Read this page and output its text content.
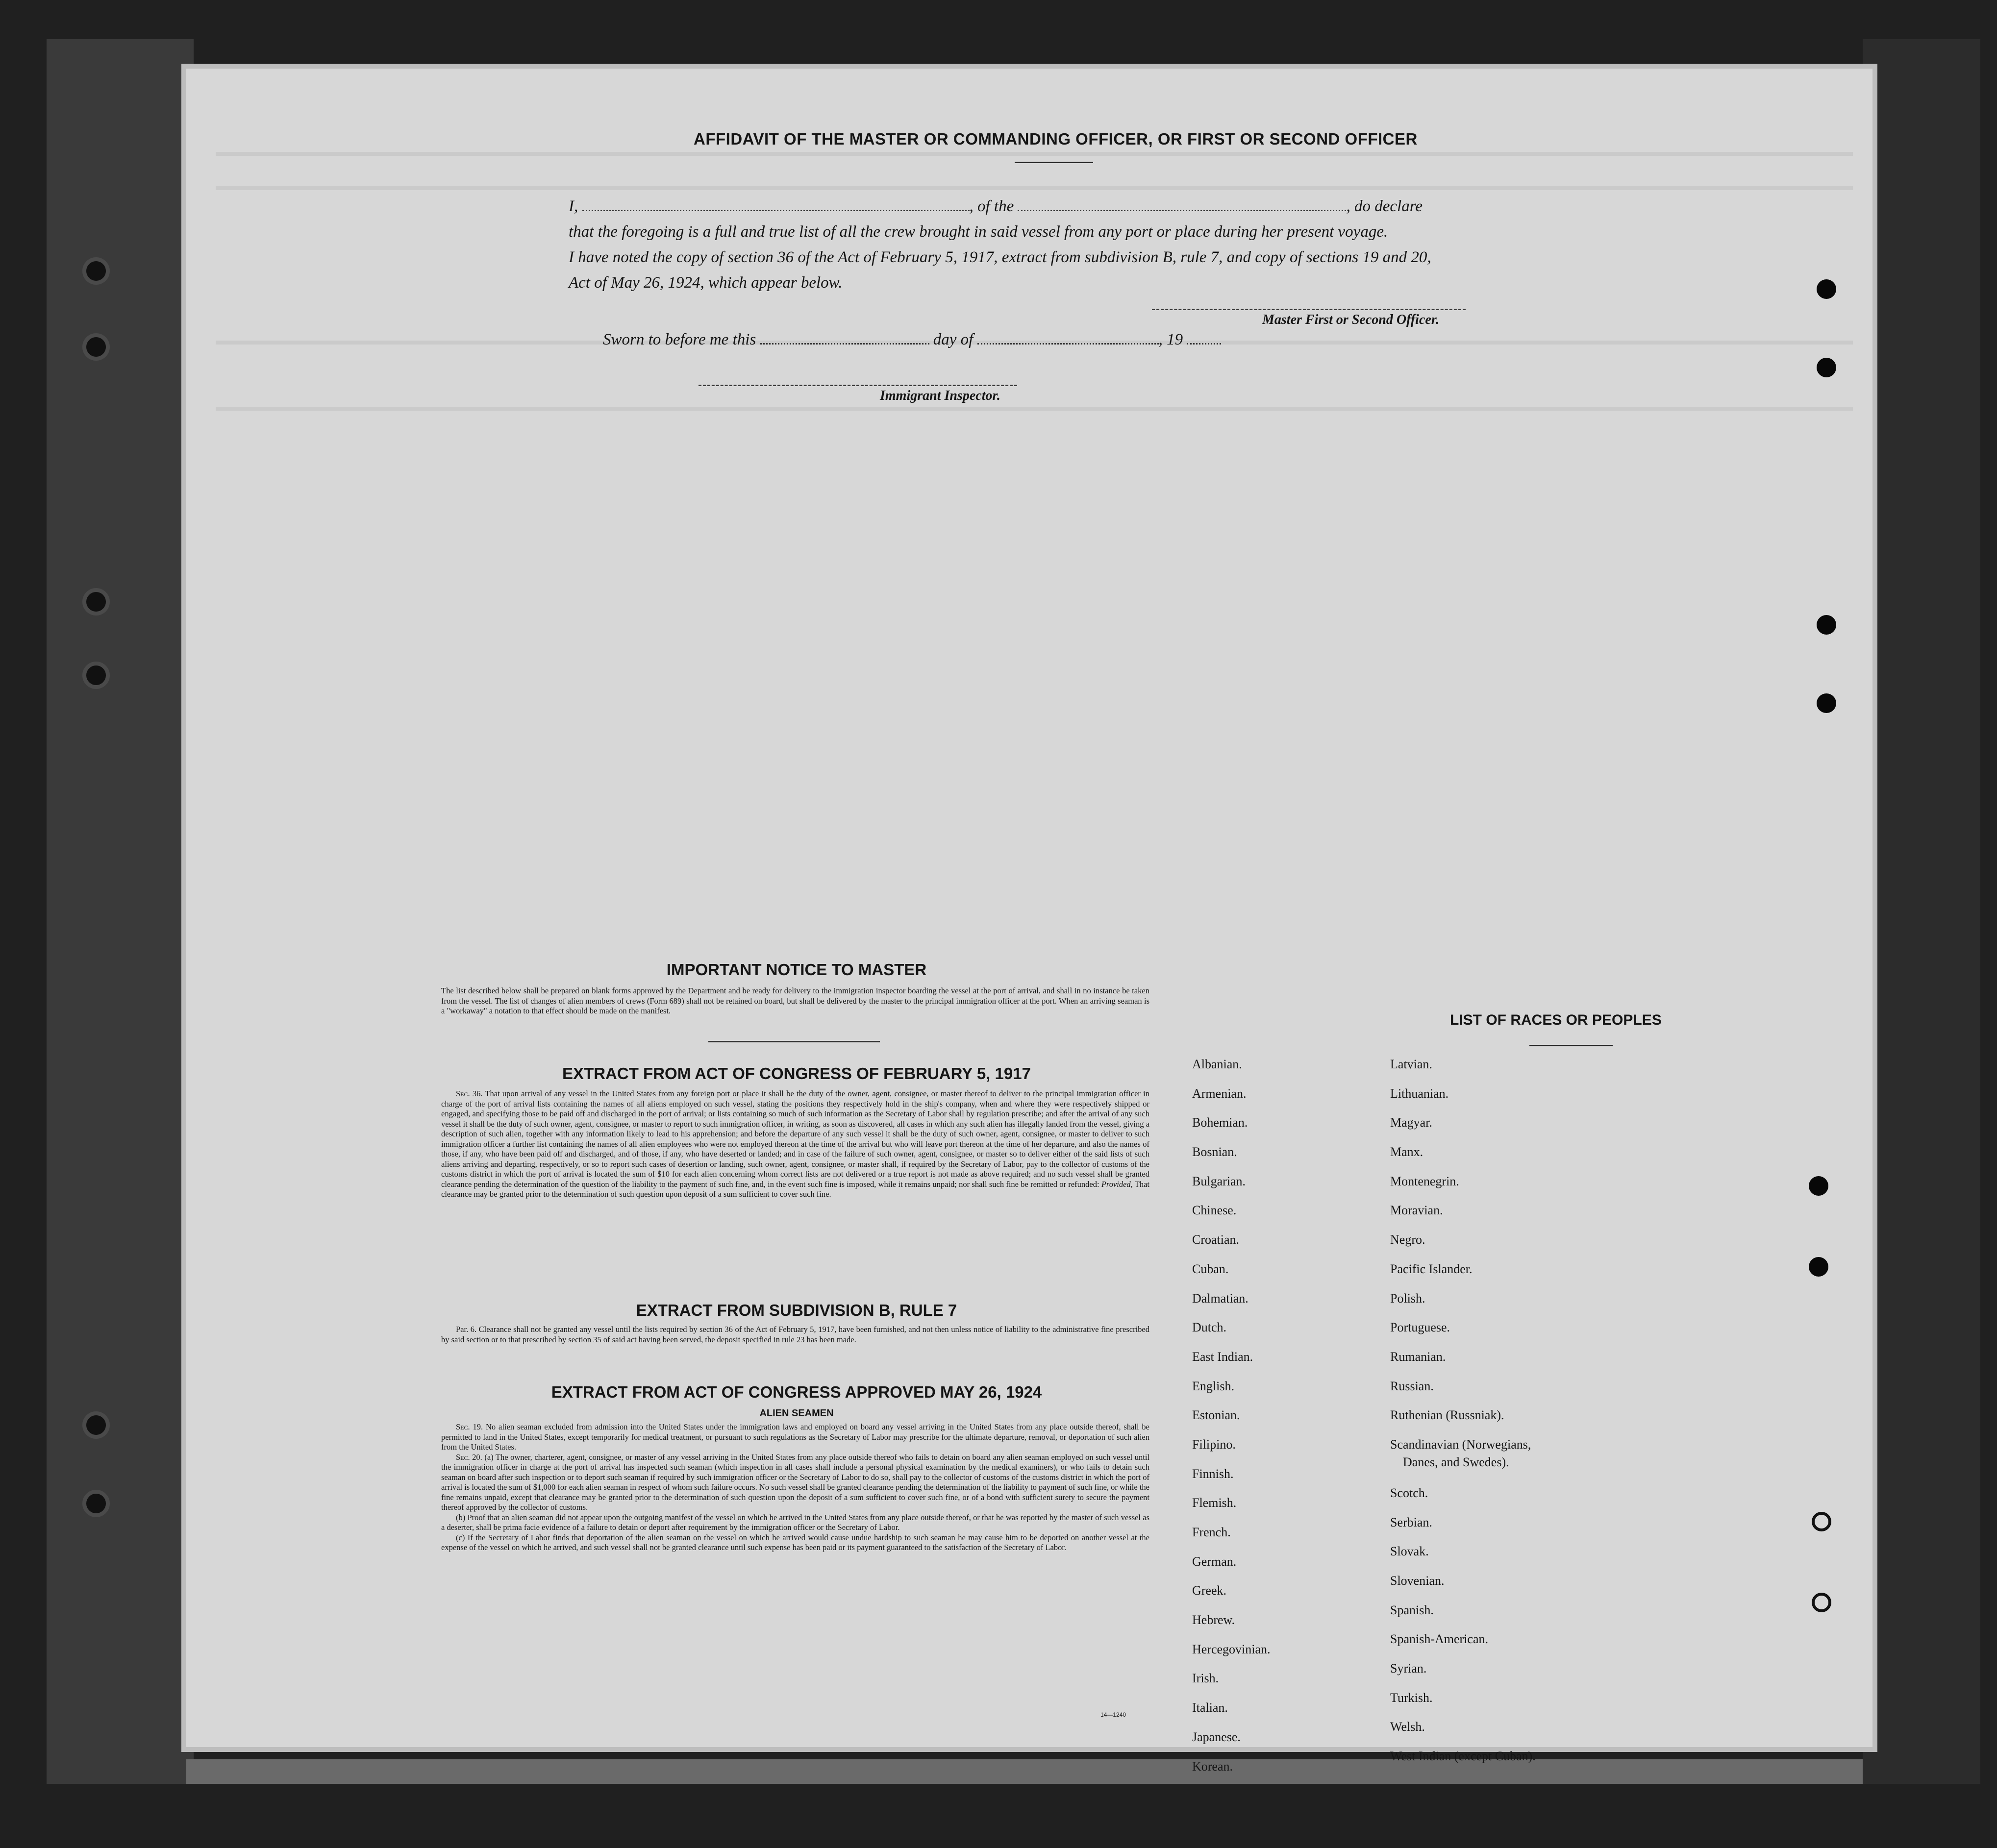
AFFIDAVIT OF THE MASTER OR COMMANDING OFFICER, OR FIRST OR SECOND OFFICER
I,	, of the	, do declare
that the foregoing is a full and true list of all the crew brought in said vessel from any port or place during her present voyage.
I have noted the copy of section 36 of the Act of February 5, 1917, extract from subdivision B, rule 7, and copy of sections 19 and 20,
Act of May 26, 1924, which appear below.
Master First or Second Officer.
Sworn to before me this	day of	, 19
Immigrant Inspector.
IMPORTANT NOTICE TO MASTER
The list described below shall be prepared on blank forms approved by the Department and be ready for delivery to the immigration inspector boarding the vessel at the port of arrival, and shall in no instance be taken from the vessel. The list of changes of alien members of crews (Form 689) shall not be retained on board, but shall be delivered by the master to the principal immigration officer at the port. When an arriving seaman is a "workaway" a notation to that effect should be made on the manifest.
EXTRACT FROM ACT OF CONGRESS OF FEBRUARY 5, 1917
Sec. 36. That upon arrival of any vessel in the United States from any foreign port or place it shall be the duty of the owner, agent, consignee, or master thereof to deliver to the principal immigration officer in charge of the port of arrival lists containing the names of all aliens employed on such vessel, stating the positions they respectively hold in the ship's company, when and where they were respectively shipped or engaged, and specifying those to be paid off and discharged in the port of arrival; or lists containing so much of such information as the Secretary of Labor shall by regulation prescribe; and after the arrival of any such vessel it shall be the duty of such owner, agent, consignee, or master to report to such immigration officer, in writing, as soon as discovered, all cases in which any such alien has illegally landed from the vessel, giving a description of such alien, together with any information likely to lead to his apprehension; and before the departure of any such vessel it shall be the duty of such owner, agent, consignee, or master to deliver to such immigration officer a further list containing the names of all alien employees who were not employed thereon at the time of the arrival but who will leave port thereon at the time of her departure, and also the names of those, if any, who have been paid off and discharged, and of those, if any, who have deserted or landed; and in case of the failure of such owner, agent, consignee, or master so to deliver either of the said lists of such aliens arriving and departing, respectively, or so to report such cases of desertion or landing, such owner, agent, consignee, or master shall, if required by the Secretary of Labor, pay to the collector of customs of the customs district in which the port of arrival is located the sum of $10 for each alien concerning whom correct lists are not delivered or a true report is not made as above required; and no such vessel shall be granted clearance pending the determination of the question of the liability to the payment of such fine, and, in the event such fine is imposed, while it remains unpaid; nor shall such fine be remitted or refunded: Provided, That clearance may be granted prior to the determination of such question upon deposit of a sum sufficient to cover such fine.
EXTRACT FROM SUBDIVISION B, RULE 7
Par. 6. Clearance shall not be granted any vessel until the lists required by section 36 of the Act of February 5, 1917, have been furnished, and not then unless notice of liability to the administrative fine prescribed by said section or to that prescribed by section 35 of said act having been served, the deposit specified in rule 23 has been made.
EXTRACT FROM ACT OF CONGRESS APPROVED MAY 26, 1924
ALIEN SEAMEN
Sec. 19. No alien seaman excluded from admission into the United States under the immigration laws and employed on board any vessel arriving in the United States from any place outside thereof, shall be permitted to land in the United States, except temporarily for medical treatment, or pursuant to such regulations as the Secretary of Labor may prescribe for the ultimate departure, removal, or deportation of such alien from the United States.
Sec. 20. (a) The owner, charterer, agent, consignee, or master of any vessel arriving in the United States from any place outside thereof who fails to detain on board any alien seaman employed on such vessel until the immigration officer in charge at the port of arrival has inspected such seaman (which inspection in all cases shall include a personal physical examination by the medical examiners), or who fails to detain such seaman on board after such inspection or to deport such seaman if required by such immigration officer or the Secretary of Labor to do so, shall pay to the collector of customs of the customs district in which the port of arrival is located the sum of $1,000 for each alien seaman in respect of whom such failure occurs. No such vessel shall be granted clearance pending the determination of the liability to payment of such fine, or while the fine remains unpaid, except that clearance may be granted prior to the determination of such question upon the deposit of a sum sufficient to cover such fine, or of a bond with sufficient surety to secure the payment thereof approved by the collector of customs.
(b) Proof that an alien seaman did not appear upon the outgoing manifest of the vessel on which he arrived in the United States from any place outside thereof, or that he was reported by the master of such vessel as a deserter, shall be prima facie evidence of a failure to detain or deport after requirement by the immigration officer or the Secretary of Labor.
(c) If the Secretary of Labor finds that deportation of the alien seaman on the vessel on which he arrived would cause undue hardship to such seaman he may cause him to be deported on another vessel at the expense of the vessel on which he arrived, and such vessel shall not be granted clearance until such expense has been paid or its payment guaranteed to the satisfaction of the Secretary of Labor.
14—1240
LIST OF RACES OR PEOPLES
Albanian.
Armenian.
Bohemian.
Bosnian.
Bulgarian.
Chinese.
Croatian.
Cuban.
Dalmatian.
Dutch.
East Indian.
English.
Estonian.
Filipino.
Finnish.
Flemish.
French.
German.
Greek.
Hebrew.
Hercegovinian.
Irish.
Italian.
Japanese.
Korean.
Latvian.
Lithuanian.
Magyar.
Manx.
Montenegrin.
Moravian.
Negro.
Pacific Islander.
Polish.
Portuguese.
Rumanian.
Russian.
Ruthenian (Russniak).
Scandinavian (Norwegians,
Danes, and Swedes).
Scotch.
Serbian.
Slovak.
Slovenian.
Spanish.
Spanish-American.
Syrian.
Turkish.
Welsh.
West Indian (except Cuban).
